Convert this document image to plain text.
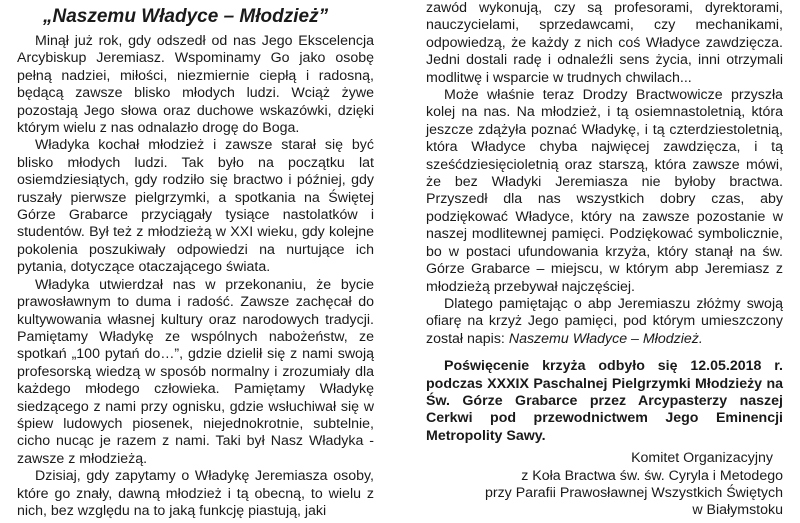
„Naszemu Władyce – Młodzież”

Minął już rok, gdy odszedł od nas Jego Ekscelencja Arcybiskup Jeremiasz. Wspominamy Go jako osobę pełną nadziei, miłości, niezmiernie ciepłą i radosną, będącą zawsze blisko młodych ludzi. Wciąż żywe pozostają Jego słowa oraz duchowe wskazówki, dzięki którym wielu z nas odnalazło drogę do Boga.

Władyka kochał młodzież i zawsze starał się być blisko młodych ludzi. Tak było na początku lat osiemdziesiątych, gdy rodziło się bractwo i później, gdy ruszały pierwsze pielgrzymki, a spotkania na Świętej Górze Grabarce przyciągały tysiące nastolatków i studentów. Był też z młodzieżą w XXI wieku, gdy kolejne pokolenia poszukiwały odpowiedzi na nurtujące ich pytania, dotyczące otaczającego świata.

Władyka utwierdzał nas w przekonaniu, że bycie prawosławnym to duma i radość. Zawsze zachęcał do kultywowania własnej kultury oraz narodowych tradycji. Pamiętamy Władykę ze wspólnych nabożeństw, ze spotkań „100 pytań do…”, gdzie dzielił się z nami swoją profesorską wiedzą w sposób normalny i zrozumiały dla każdego młodego człowieka. Pamiętamy Władykę siedzącego z nami przy ognisku, gdzie wsłuchiwał się w śpiew ludowych piosenek, niejednokrotnie, subtelnie, cicho nucąc je razem z nami. Taki był Nasz Władyka - zawsze z młodzieżą.

Dzisiaj, gdy zapytamy o Władykę Jeremiasza osoby, które go znały, dawną młodzież i tą obecną, to wielu z nich, bez względu na to jaką funkcję piastują, jaki

zawód wykonują, czy są profesorami, dyrektorami, nauczycielami, sprzedawcami, czy mechanikami, odpowiedzą, że każdy z nich coś Władyce zawdzięcza. Jedni dostali radę i odnaleźli sens życia, inni otrzymali modlitwę i wsparcie w trudnych chwilach...

Może właśnie teraz Drodzy Bractwowicze przyszła kolej na nas. Na młodzież, i tą osiemnastoletnią, która jeszcze zdążyła poznać Władykę, i tą czterdziestoletnią, która Władyce chyba najwięcej zawdzięcza, i tą sześćdziesięcioletnią oraz starszą, która zawsze mówi, że bez Władyki Jeremiasza nie byłoby bractwa. Przyszedł dla nas wszystkich dobry czas, aby podziękować Władyce, który na zawsze pozostanie w naszej modlitewnej pamięci. Podziękować symbolicznie, bo w postaci ufundowania krzyża, który stanął na św. Górze Grabarce – miejscu, w którym abp Jeremiasz z młodzieżą przebywał najczęściej.

Dlatego pamiętając o abp Jeremiaszu złóżmy swoją ofiarę na krzyż Jego pamięci, pod którym umieszczony został napis: Naszemu Władyce – Młodzież.

Poświęcenie krzyża odbyło się 12.05.2018 r. podczas XXXIX Paschalnej Pielgrzymki Młodzieży na Św. Górze Grabarce przez Arcypasterzy naszej Cerkwi pod przewodnictwem Jego Eminencji Metropolity Sawy.

Komitet Organizacyjny
z Koła Bractwa św. św. Cyryla i Metodego
przy Parafii Prawosławnej Wszystkich Świętych
w Białymstoku
